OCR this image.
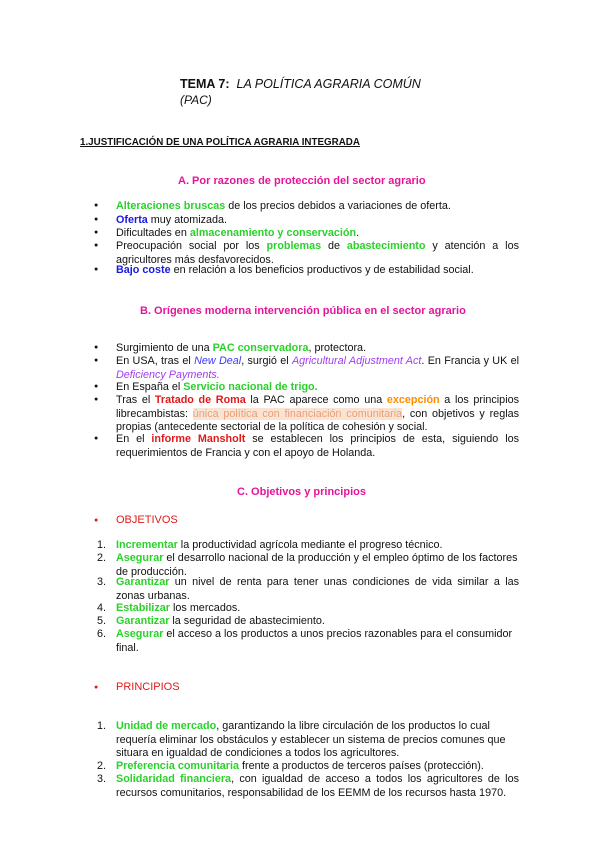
TEMA 7: LA POLÍTICA AGRARIA COMÚN
(PAC)
1.JUSTIFICACIÓN DE UNA POLÍTICA AGRARIA INTEGRADA
A. Por razones de protección del sector agrario
●
Alteraciones bruscas de los precios debidos a variaciones de oferta.
●
Oferta muy atomizada.
●
Dificultades en almacenamiento y conservación.
●
Preocupación social por los problemas de abastecimiento y atención a los agricultores más desfavorecidos.
●
Bajo coste en relación a los beneficios productivos y de estabilidad social.
B. Orígenes moderna intervención pública en el sector agrario
●
Surgimiento de una PAC conservadora, protectora.
●
En USA, tras el New Deal, surgió el Agricultural Adjustment Act. En Francia y UK el Deficiency Payments.
●
En España el Servicio nacional de trigo.
●
Tras el Tratado de Roma la PAC aparece como una excepción a los principios librecambistas: única política con financiación comunitaria, con objetivos y reglas propias (antecedente sectorial de la política de cohesión y social.
●
En el informe Mansholt se establecen los principios de esta, siguiendo los requerimientos de Francia y con el apoyo de Holanda.
C. Objetivos y principios
● OBJETIVOS
1. Incrementar la productividad agrícola mediante el progreso técnico.
2. Asegurar el desarrollo nacional de la producción y el empleo óptimo de los factores de producción.
3. Garantizar un nivel de renta para tener unas condiciones de vida similar a las zonas urbanas.
4. Estabilizar los mercados.
5. Garantizar la seguridad de abastecimiento.
6. Asegurar el acceso a los productos a unos precios razonables para el consumidor final.
● PRINCIPIOS
1. Unidad de mercado, garantizando la libre circulación de los productos lo cual requería eliminar los obstáculos y establecer un sistema de precios comunes que situara en igualdad de condiciones a todos los agricultores.
2. Preferencia comunitaria frente a productos de terceros países (protección).
3. Solidaridad financiera, con igualdad de acceso a todos los agricultores de los recursos comunitarios, responsabilidad de los EEMM de los recursos hasta 1970.
